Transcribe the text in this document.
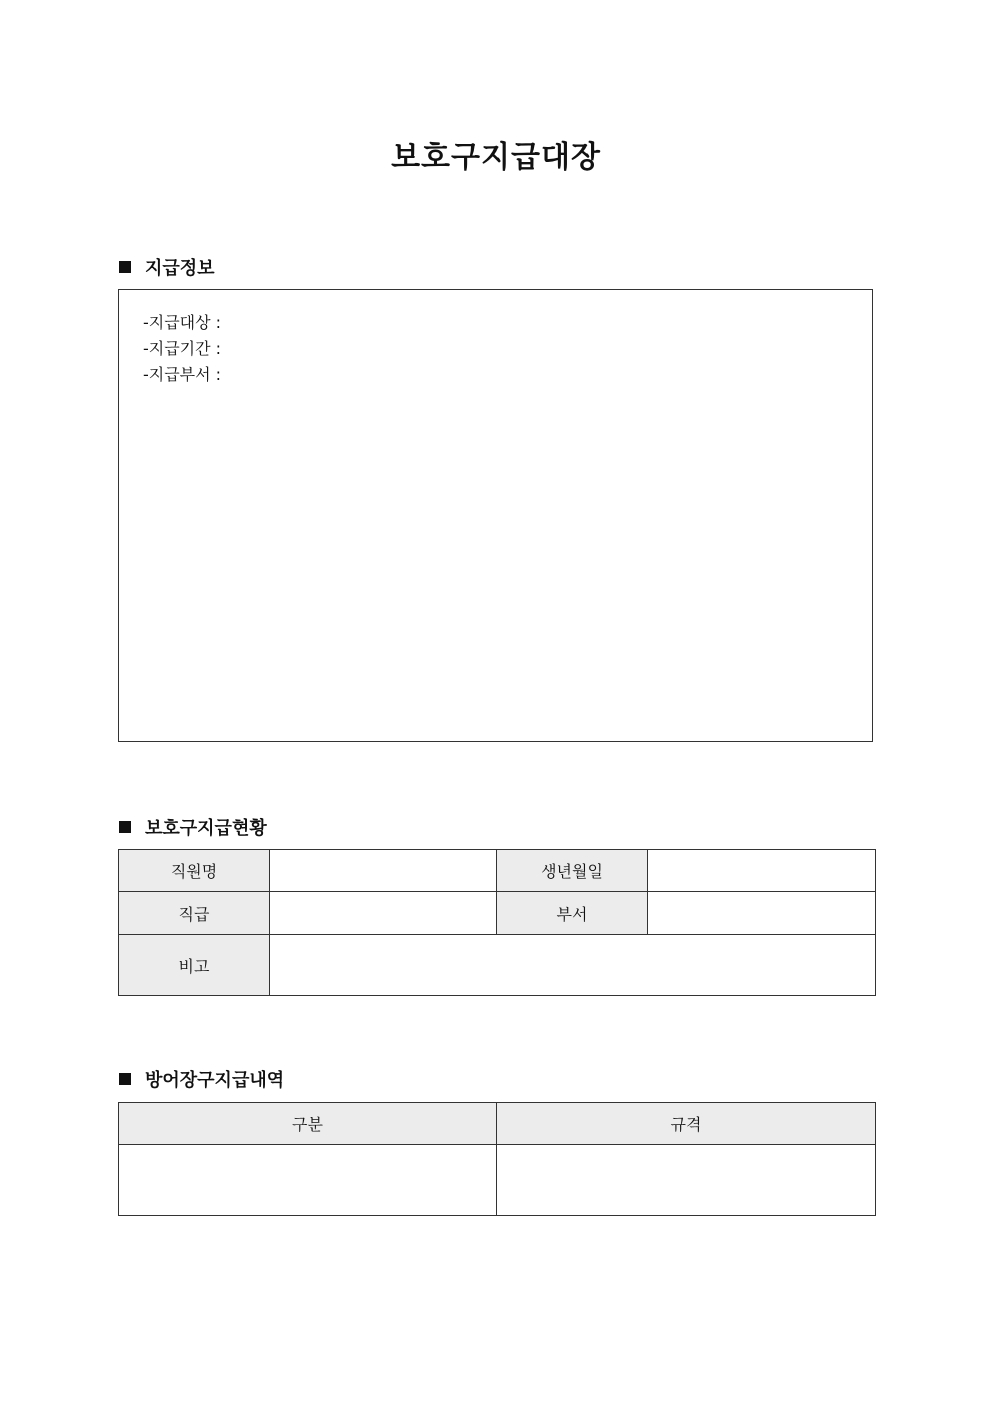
보호구지급대장
지급정보

-지급대상 :

-지급기간 :

-지급부서 :

보호구지급현황
직원명		생년월일	
직급		부서	
비고			
방어장구지급내역
구분	규격
